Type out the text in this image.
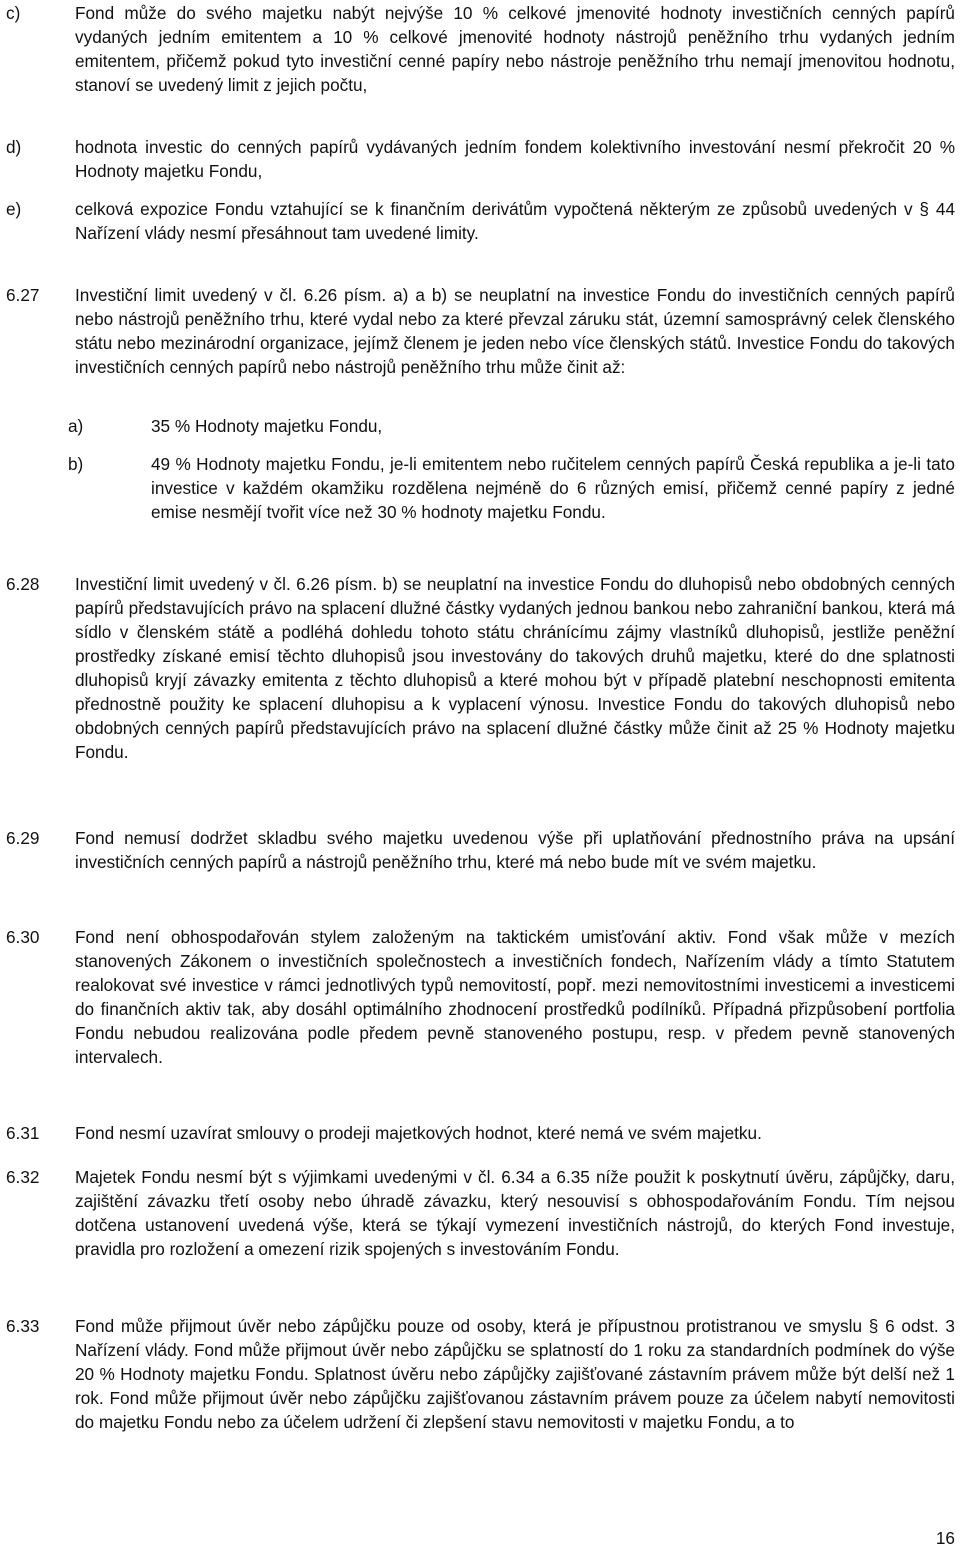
c)	Fond může do svého majetku nabýt nejvýše 10 % celkové jmenovité hodnoty investičních cenných papírů vydaných jedním emitentem a 10 % celkové jmenovité hodnoty nástrojů peněžního trhu vydaných jedním emitentem, přičemž pokud tyto investiční cenné papíry nebo nástroje peněžního trhu nemají jmenovitou hodnotu, stanoví se uvedený limit z jejich počtu,
d)	hodnota investic do cenných papírů vydávaných jedním fondem kolektivního investování nesmí překročit 20 % Hodnoty majetku Fondu,
e)	celková expozice Fondu vztahující se k finančním derivátům vypočtená některým ze způsobů uvedených v § 44 Nařízení vlády nesmí přesáhnout tam uvedené limity.
6.27 Investiční limit uvedený v čl. 6.26 písm. a) a b) se neuplatní na investice Fondu do investičních cenných papírů nebo nástrojů peněžního trhu, které vydal nebo za které převzal záruku stát, územní samosprávný celek členského státu nebo mezinárodní organizace, jejímž členem je jeden nebo více členských států. Investice Fondu do takových investičních cenných papírů nebo nástrojů peněžního trhu může činit až:
a)	35 % Hodnoty majetku Fondu,
b)	49 % Hodnoty majetku Fondu, je-li emitentem nebo ručitelem cenných papírů Česká republika a je-li tato investice v každém okamžiku rozdělena nejméně do 6 různých emisí, přičemž cenné papíry z jedné emise nesmějí tvořit více než 30 % hodnoty majetku Fondu.
6.28 Investiční limit uvedený v čl. 6.26 písm. b) se neuplatní na investice Fondu do dluhopisů nebo obdobných cenných papírů představujících právo na splacení dlužné částky vydaných jednou bankou nebo zahraniční bankou, která má sídlo v členském státě a podléhá dohledu tohoto státu chránícímu zájmy vlastníků dluhopisů, jestliže peněžní prostředky získané emisí těchto dluhopisů jsou investovány do takových druhů majetku, které do dne splatnosti dluhopisů kryjí závazky emitenta z těchto dluhopisů a které mohou být v případě platební neschopnosti emitenta přednostně použity ke splacení dluhopisu a k vyplacení výnosu. Investice Fondu do takových dluhopisů nebo obdobných cenných papírů představujících právo na splacení dlužné částky může činit až 25 % Hodnoty majetku Fondu.
6.29 Fond nemusí dodržet skladbu svého majetku uvedenou výše při uplatňování přednostního práva na upsání investičních cenných papírů a nástrojů peněžního trhu, které má nebo bude mít ve svém majetku.
6.30 Fond není obhospodařován stylem založeným na taktickém umisťování aktiv. Fond však může v mezích stanovených Zákonem o investičních společnostech a investičních fondech, Nařízením vlády a tímto Statutem realokovat své investice v rámci jednotlivých typů nemovitostí, popř. mezi nemovitostními investicemi a investicemi do finančních aktiv tak, aby dosáhl optimálního zhodnocení prostředků podílníků. Případná přizpůsobení portfolia Fondu nebudou realizována podle předem pevně stanoveného postupu, resp. v předem pevně stanovených intervalech.
6.31 Fond nesmí uzavírat smlouvy o prodeji majetkových hodnot, které nemá ve svém majetku.
6.32 Majetek Fondu nesmí být s výjimkami uvedenými v čl. 6.34 a 6.35 níže použit k poskytnutí úvěru, zápůjčky, daru, zajištění závazku třetí osoby nebo úhradě závazku, který nesouvisí s obhospodařováním Fondu. Tím nejsou dotčena ustanovení uvedená výše, která se týkají vymezení investičních nástrojů, do kterých Fond investuje, pravidla pro rozložení a omezení rizik spojených s investováním Fondu.
6.33 Fond může přijmout úvěr nebo zápůjčku pouze od osoby, která je přípustnou protistranou ve smyslu § 6 odst. 3 Nařízení vlády. Fond může přijmout úvěr nebo zápůjčku se splatností do 1 roku za standardních podmínek do výše 20 % Hodnoty majetku Fondu. Splatnost úvěru nebo zápůjčky zajišťované zástavním právem může být delší než 1 rok. Fond může přijmout úvěr nebo zápůjčku zajišťovanou zástavním právem pouze za účelem nabytí nemovitosti do majetku Fondu nebo za účelem udržení či zlepšení stavu nemovitosti v majetku Fondu, a to
16
